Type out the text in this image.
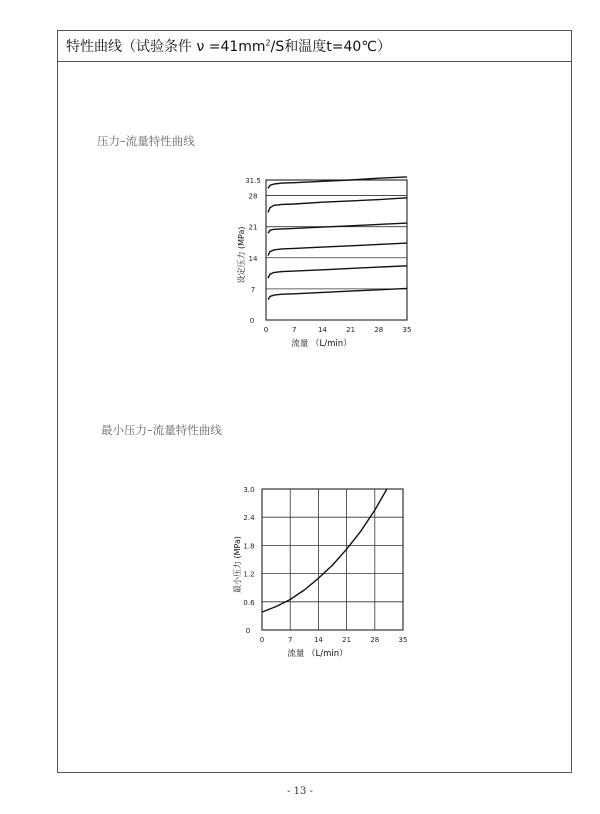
特性曲线（试验条件 $\nu =41mm^2/S$和温度t=40℃）
压力–流量特性曲线
最小压力–流量特性曲线
0	7	14	21	28	35
0
7
14
21
28
31.5
流量 （L/min）
设定压力 (MPa)
0	7	14	21	28	35
0
0.6
1.2
1.8
2.4
3.0
流量 （L/min）
最小压力 (MPa)
- 13 -
